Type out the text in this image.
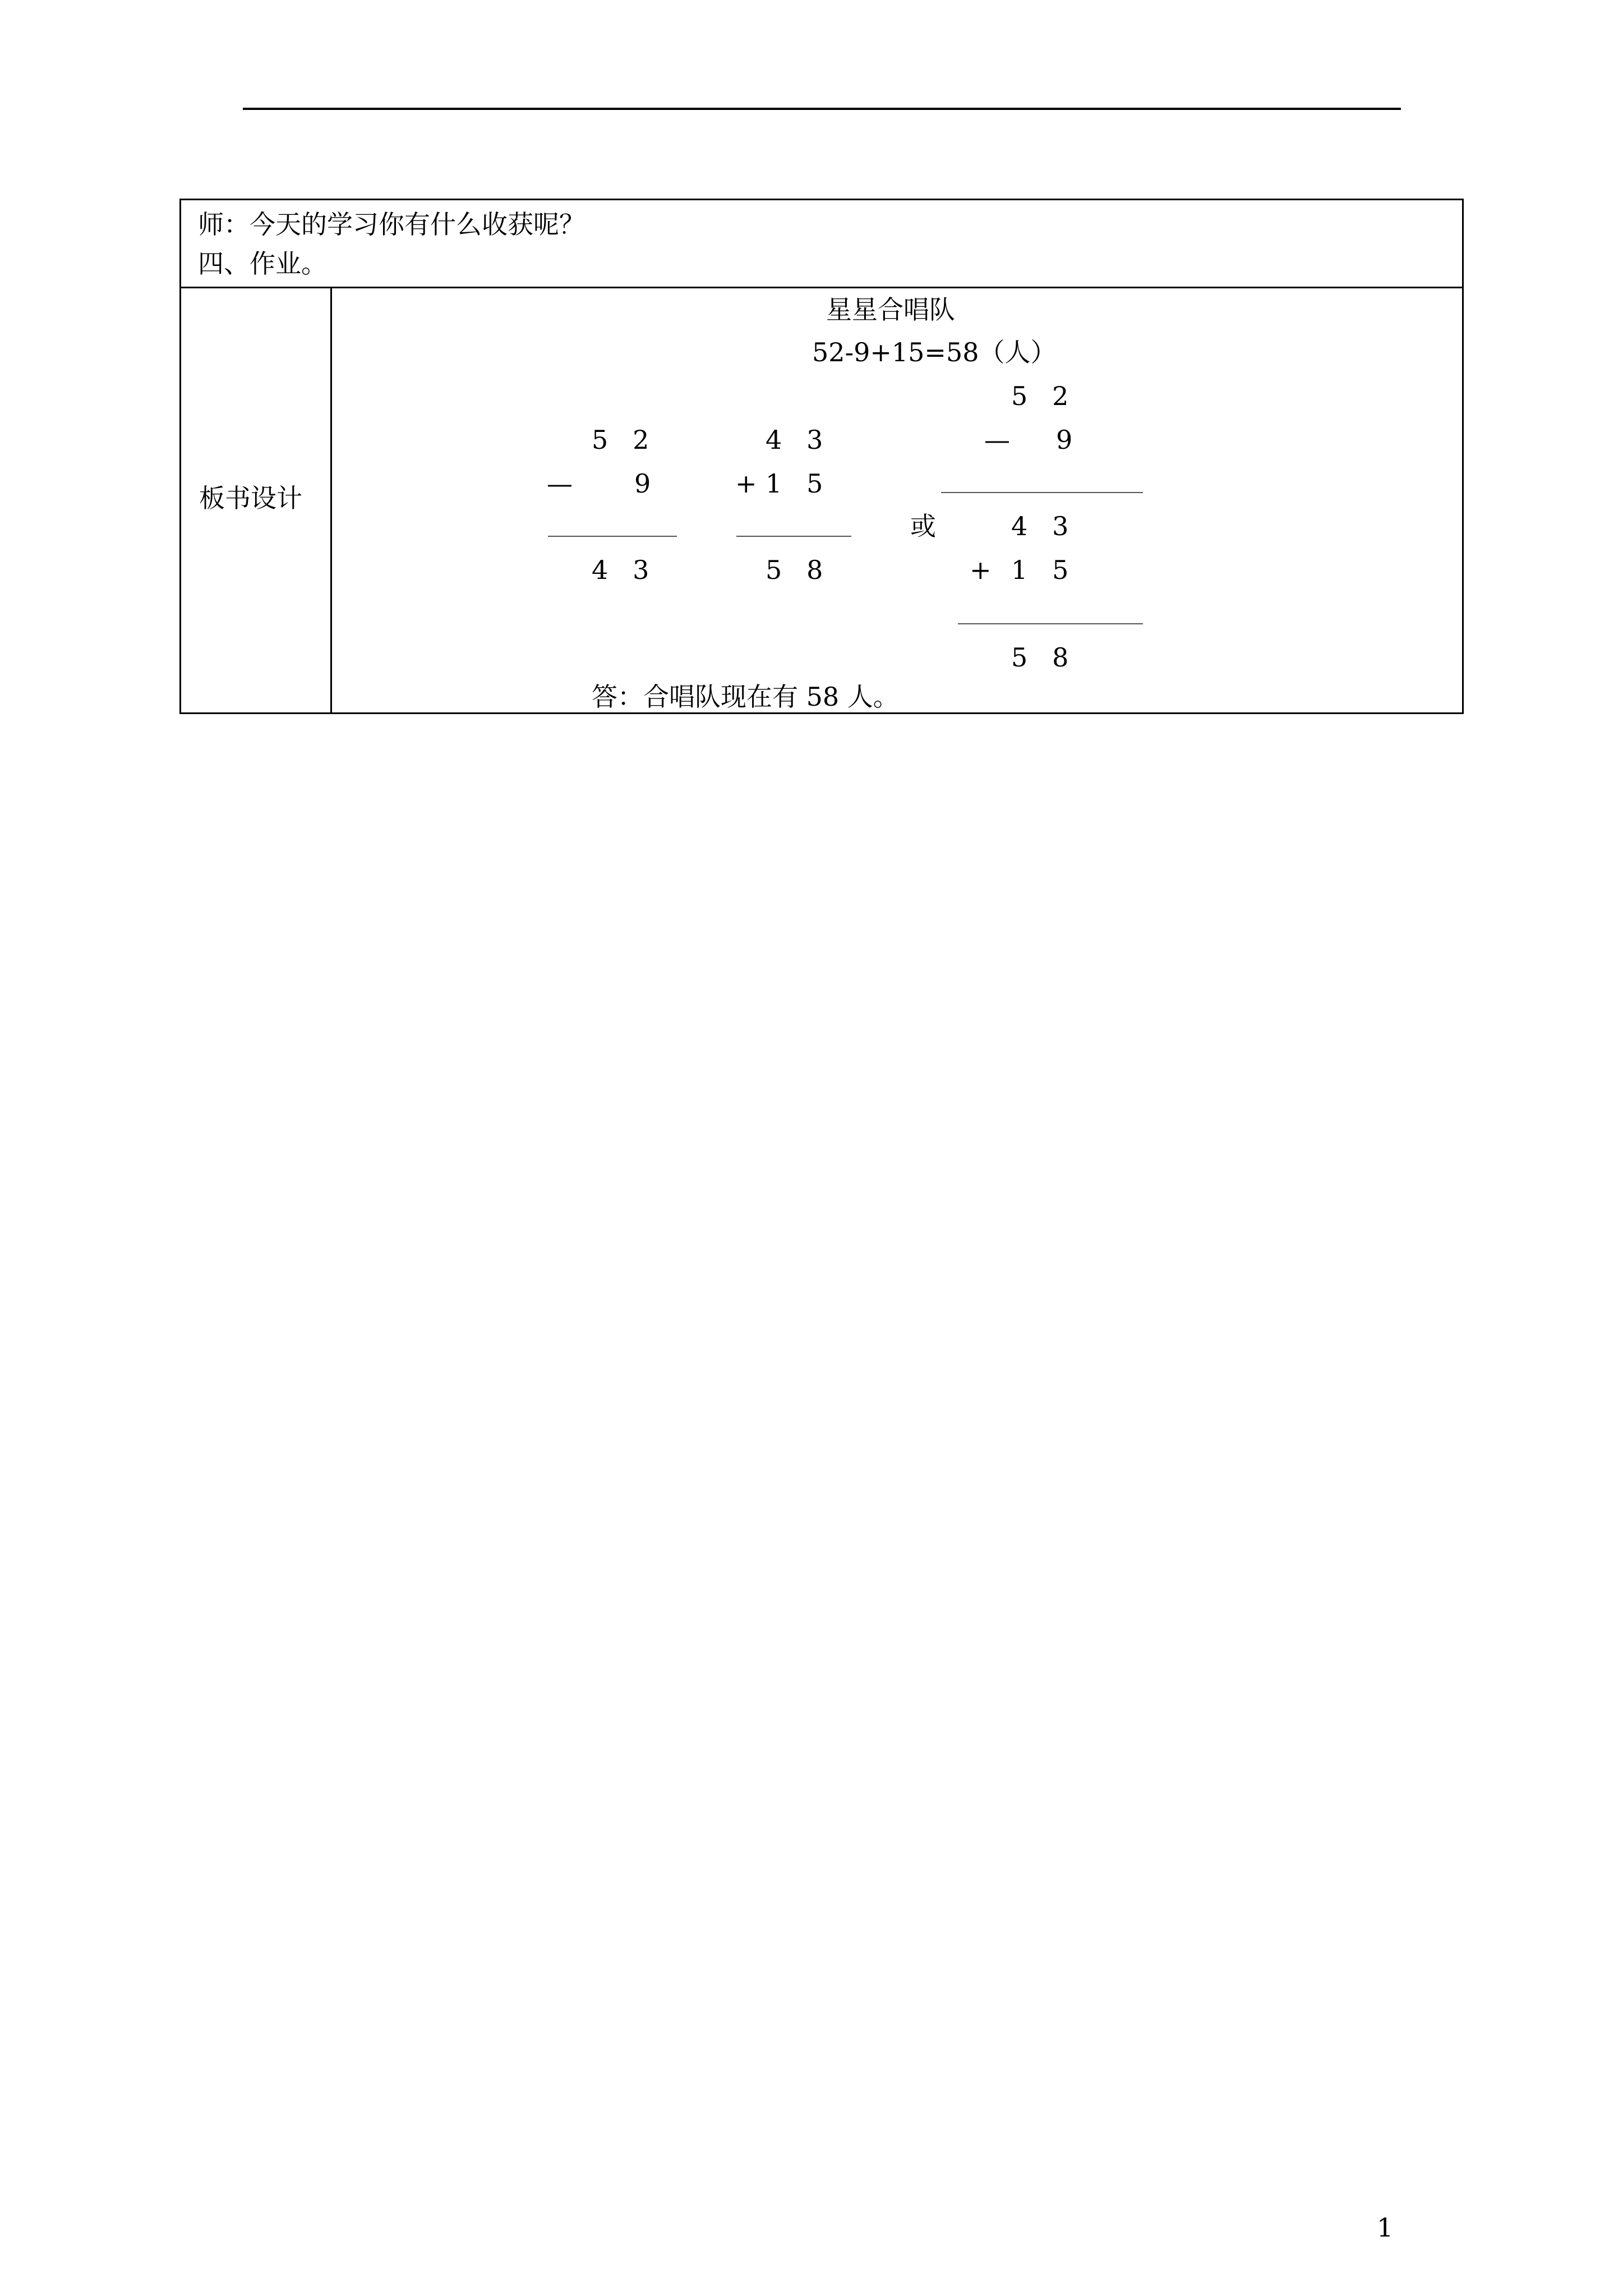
师：今天的学习你有什么收获呢？
四、作业。
板书设计
星星合唱队
52-9+15=58（人）
5   2
— 9
4   3
4   3
+ 1   5
5   8
或
5   2
— 9
4   3
+ 1   5
5   8
答：合唱队现在有 58 人。
1
